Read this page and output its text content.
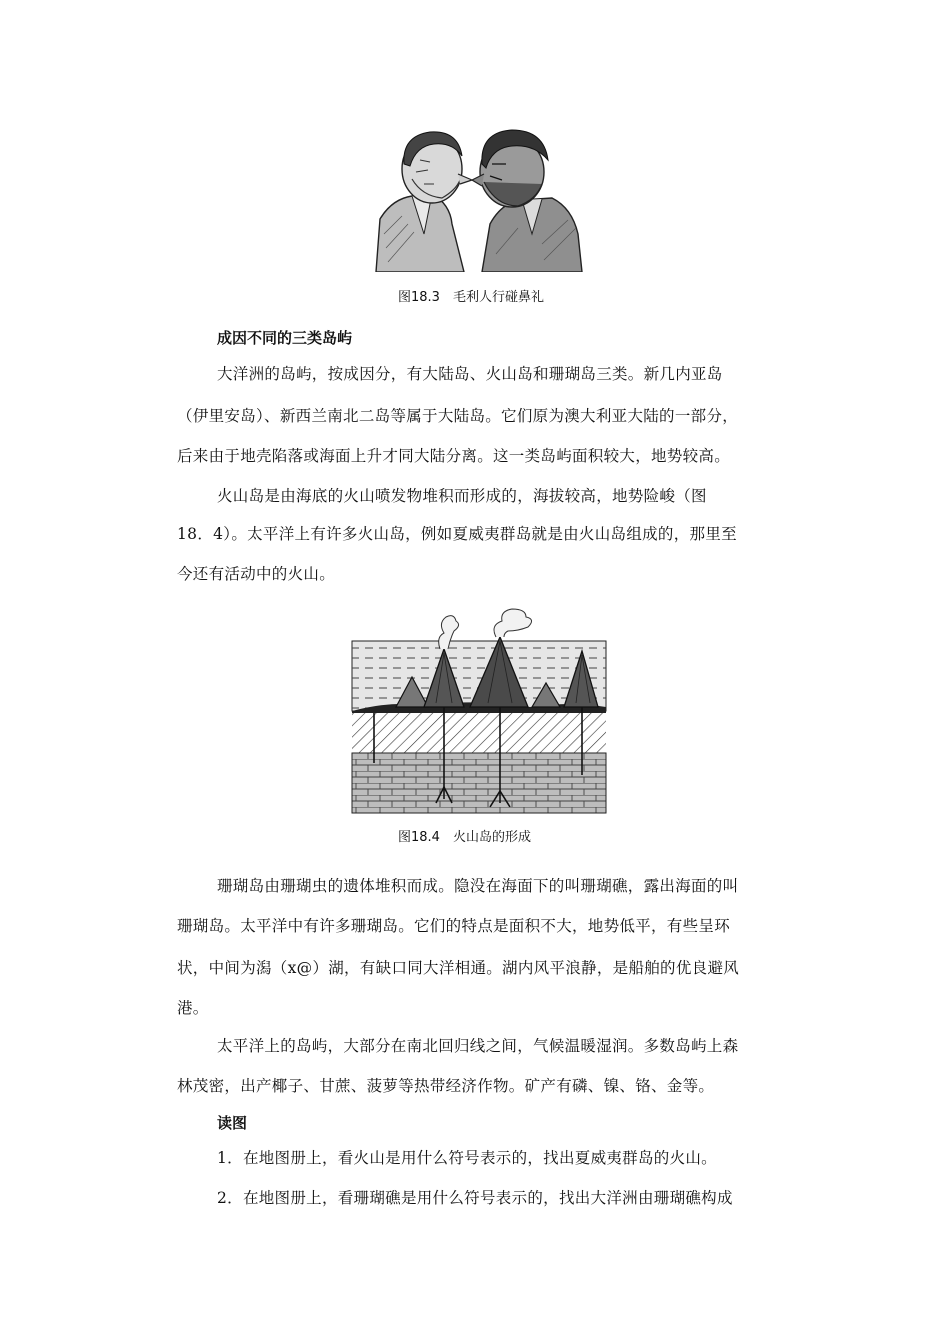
图18.3　毛利人行碰鼻礼
成因不同的三类岛屿
大洋洲的岛屿，按成因分，有大陆岛、火山岛和珊瑚岛三类。新几内亚岛
（伊里安岛）、新西兰南北二岛等属于大陆岛。它们原为澳大利亚大陆的一部分，
后来由于地壳陷落或海面上升才同大陆分离。这一类岛屿面积较大，地势较高。
火山岛是由海底的火山喷发物堆积而形成的，海拔较高，地势险峻（图
18．4）。太平洋上有许多火山岛，例如夏威夷群岛就是由火山岛组成的，那里至
今还有活动中的火山。
图18.4　火山岛的形成
珊瑚岛由珊瑚虫的遗体堆积而成。隐没在海面下的叫珊瑚礁，露出海面的叫
珊瑚岛。太平洋中有许多珊瑚岛。它们的特点是面积不大，地势低平，有些呈环
状，中间为潟（x@）湖，有缺口同大洋相通。湖内风平浪静，是船舶的优良避风
港。
太平洋上的岛屿，大部分在南北回归线之间，气候温暖湿润。多数岛屿上森
林茂密，出产椰子、甘蔗、菠萝等热带经济作物。矿产有磷、镍、铬、金等。
读图
1．在地图册上，看火山是用什么符号表示的，找出夏威夷群岛的火山。
2．在地图册上，看珊瑚礁是用什么符号表示的，找出大洋洲由珊瑚礁构成
